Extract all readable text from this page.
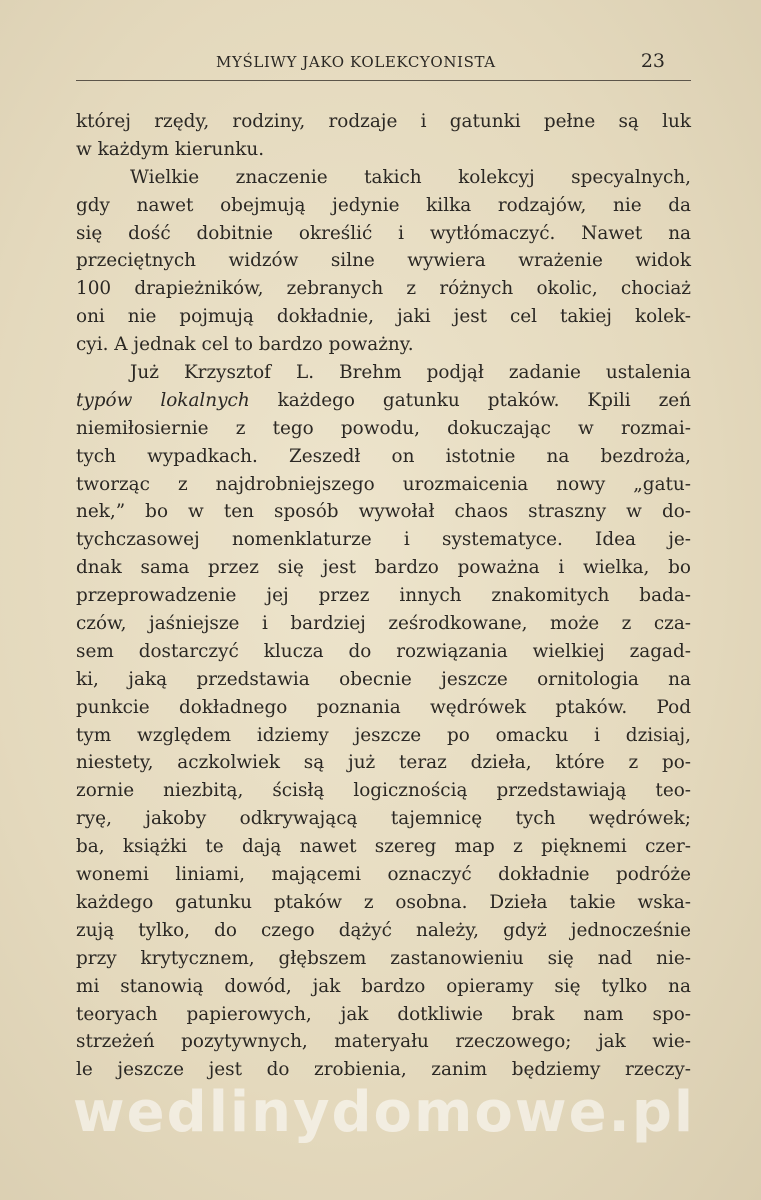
MYŚLIWY JAKO KOLEKCYONISTA	23
której rzędy, rodziny, rodzaje i gatunki pełne są luk
w każdym kierunku.
Wielkie znaczenie takich kolekcyj specyalnych,
gdy nawet obejmują jedynie kilka rodzajów, nie da
się dość dobitnie określić i wytłómaczyć. Nawet na
przeciętnych widzów silne wywiera wrażenie widok
100 drapieżników, zebranych z różnych okolic, chociaż
oni nie pojmują dokładnie, jaki jest cel takiej kolek-
cyi. A jednak cel to bardzo poważny.
Już Krzysztof L. Brehm podjął zadanie ustalenia
typów lokalnych każdego gatunku ptaków. Kpili zeń
niemiłosiernie z tego powodu, dokuczając w rozmai-
tych wypadkach. Zeszedł on istotnie na bezdroża,
tworząc z najdrobniejszego urozmaicenia nowy „gatu-
nek,” bo w ten sposób wywołał chaos straszny w do-
tychczasowej nomenklaturze i systematyce. Idea je-
dnak sama przez się jest bardzo poważna i wielka, bo
przeprowadzenie jej przez innych znakomitych bada-
czów, jaśniejsze i bardziej ześrodkowane, może z cza-
sem dostarczyć klucza do rozwiązania wielkiej zagad-
ki, jaką przedstawia obecnie jeszcze ornitologia na
punkcie dokładnego poznania wędrówek ptaków. Pod
tym względem idziemy jeszcze po omacku i dzisiaj,
niestety, aczkolwiek są już teraz dzieła, które z po-
zornie niezbitą, ścisłą logicznością przedstawiają teo-
ryę, jakoby odkrywającą tajemnicę tych wędrówek;
ba, książki te dają nawet szereg map z pięknemi czer-
wonemi liniami, mającemi oznaczyć dokładnie podróże
każdego gatunku ptaków z osobna. Dzieła takie wska-
zują tylko, do czego dążyć należy, gdyż jednocześnie
przy krytycznem, głębszem zastanowieniu się nad nie-
mi stanowią dowód, jak bardzo opieramy się tylko na
teoryach papierowych, jak dotkliwie brak nam spo-
strzeżeń pozytywnych, materyału rzeczowego; jak wie-
le jeszcze jest do zrobienia, zanim będziemy rzeczy-
wedlinydomowe.pl
